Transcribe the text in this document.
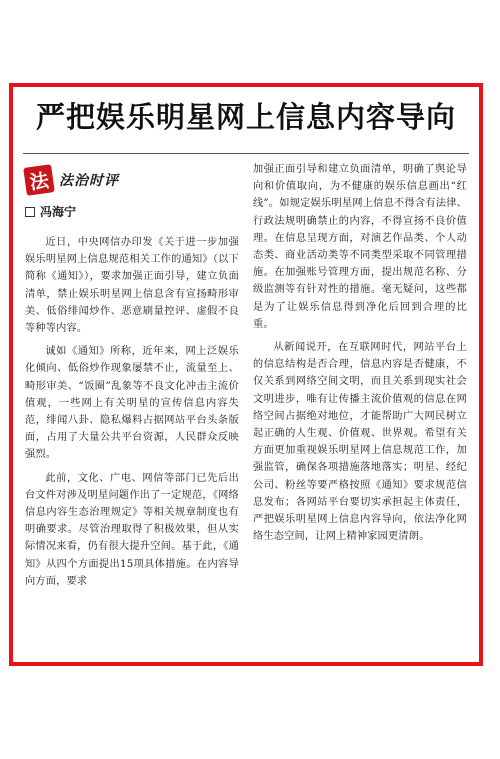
严把娱乐明星网上信息内容导向
法 法治时评
冯海宁

近日，中央网信办印发《关于进一步加强娱乐明星网上信息规范相关工作的通知》（以下简称《通知》），要求加强正面引导，建立负面清单，禁止娱乐明星网上信息含有宣扬畸形审美、低俗绯闻炒作、恶意刷量控评、虚假不良等种等内容。

诚如《通知》所称，近年来，网上泛娱乐化倾向、低俗炒作现象屡禁不止，流量至上、畸形审美、“饭圈”乱象等不良文化冲击主流价值观，一些网上有关明星的宣传信息内容失范，绯闻八卦、隐私爆料占据网站平台头条版面，占用了大量公共平台资源，人民群众反映强烈。

此前，文化、广电、网信等部门已先后出台文件对涉及明星问题作出了一定规范，《网络信息内容生态治理规定》等相关规章制度也有明确要求。尽管治理取得了积极效果，但从实际情况来看，仍有很大提升空间。基于此，《通知》从四个方面提出15项具体措施。在内容导向方面，要求

加强正面引导和建立负面清单，明确了舆论导向和价值取向，为不健康的娱乐信息画出“红线”。如规定娱乐明星网上信息不得含有法律、行政法规明确禁止的内容，不得宣扬不良价值理。在信息呈现方面，对演艺作品类、个人动态类、商业活动类等不同类型采取不同管理措施。在加强账号管理方面，提出规范名称、分级监测等有针对性的措施。毫无疑问，这些都是为了让娱乐信息得到净化后回到合理的比重。

从新闻说开，在互联网时代，网站平台上的信息结构是否合理，信息内容是否健康，不仅关系到网络空间文明，而且关系到现实社会文明进步，唯有让传播主流价值观的信息在网络空间占据绝对地位，才能帮助广大网民树立起正确的人生观、价值观、世界观。希望有关方面更加重视娱乐明星网上信息规范工作，加强监管，确保各项措施落地落实；明星、经纪公司、粉丝等要严格按照《通知》要求规范信息发布；各网站平台要切实承担起主体责任，严把娱乐明星网上信息内容导向，依法净化网络生态空间，让网上精神家园更清朗。
